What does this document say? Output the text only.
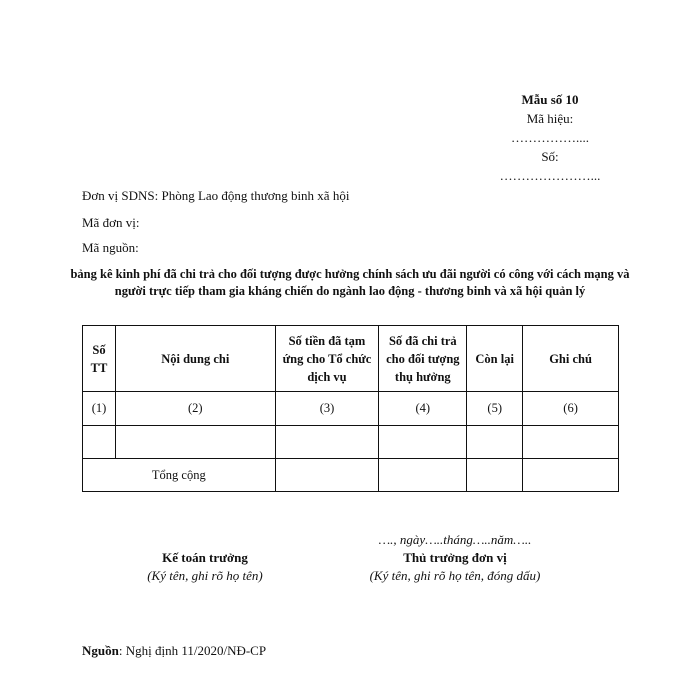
Mẫu số 10
Mã hiệu:
……………....
Số:
…………………...
Đơn vị SDNS: Phòng Lao động thương binh xã hội
Mã đơn vị:
Mã nguồn:
bảng kê kinh phí đã chi trả cho đối tượng được hưởng chính sách ưu đãi người có công với cách mạng và người trực tiếp tham gia kháng chiến do ngành lao động - thương binh và xã hội quản lý
Số TT	Nội dung chi	Số tiền đã tạm ứng cho Tổ chức dịch vụ	Số đã chi trả cho đối tượng thụ hưởng	Còn lại	Ghi chú
(1)	(2)	(3)	(4)	(5)	(6)

Tổng cộng					
Kế toán trưởng
(Ký tên, ghi rõ họ tên)
…., ngày…..tháng…..năm…..
Thủ trưởng đơn vị
(Ký tên, ghi rõ họ tên, đóng dấu)
Nguồn: Nghị định 11/2020/NĐ-CP
